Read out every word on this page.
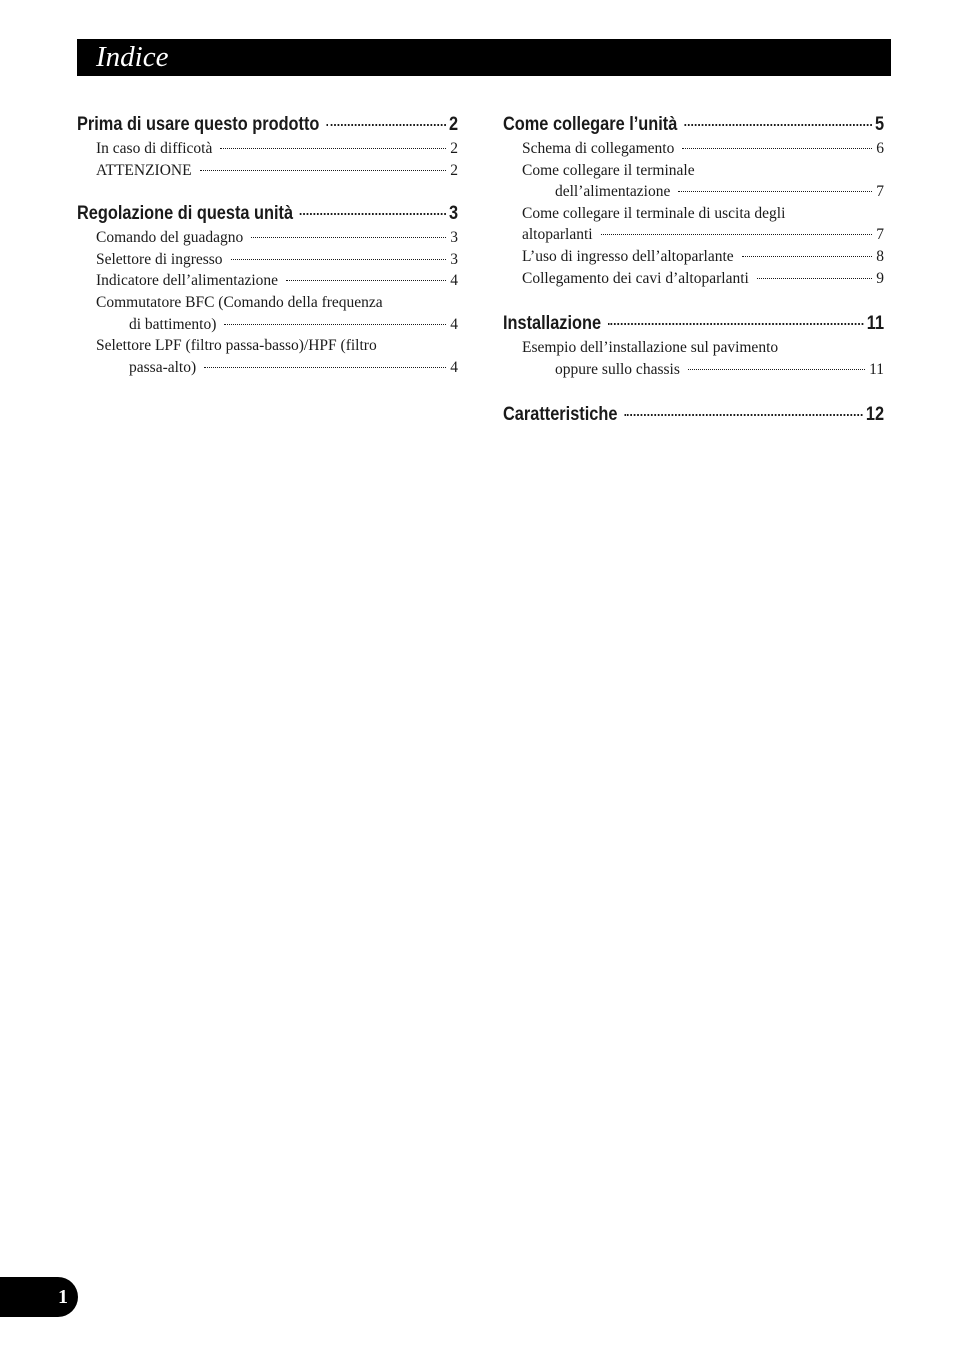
Indice
Prima di usare questo prodotto	2
In caso di difficotà	2
ATTENZIONE	2
Regolazione di questa unità	3
Comando del guadagno	3
Selettore di ingresso	3
Indicatore dell’alimentazione	4
Commutatore BFC (Comando della frequenza
di battimento)	4
Selettore LPF (filtro passa-basso)/HPF (filtro
passa-alto)	4
Come collegare l’unità	5
Schema di collegamento	6
Come collegare il terminale
dell’alimentazione	7
Come collegare il terminale di uscita degli
altoparlanti	7
L’uso di ingresso dell’altoparlante	8
Collegamento dei cavi d’altoparlanti	9
Installazione	11
Esempio dell’installazione sul pavimento
oppure sullo chassis	11
Caratteristiche	12
1
